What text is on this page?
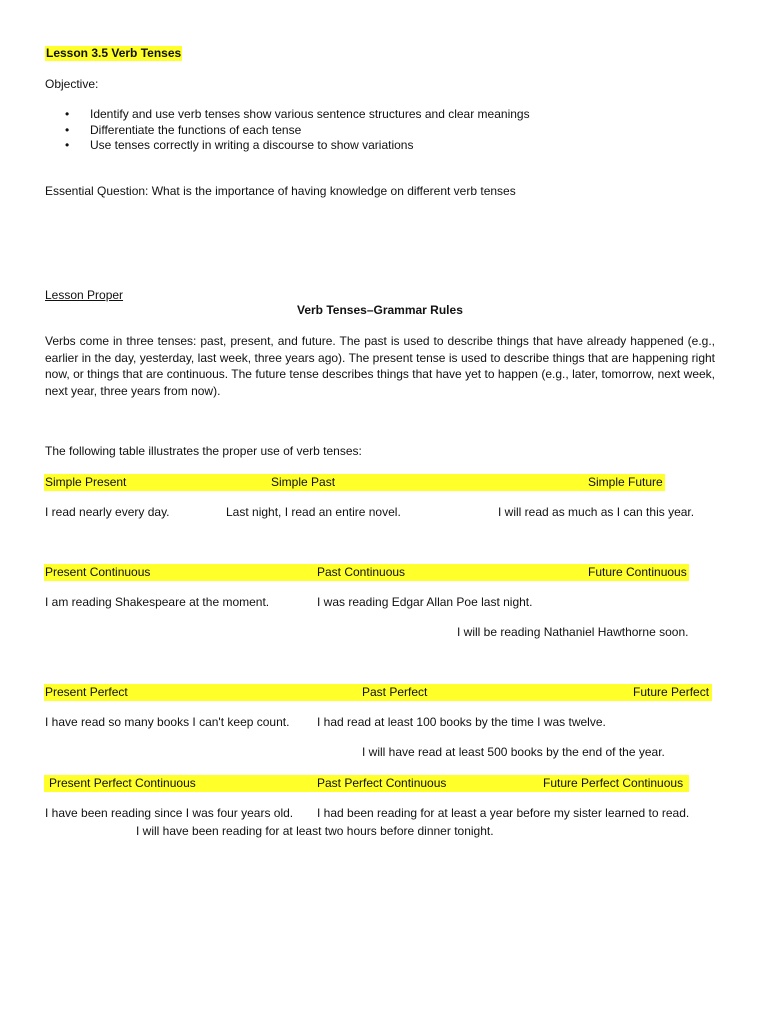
Lesson 3.5 Verb Tenses
Objective:
• Identify and use verb tenses show various sentence structures and clear meanings
• Differentiate the functions of each tense
• Use tenses correctly in writing a discourse to show variations
Essential Question: What is the importance of having knowledge on different verb tenses
Lesson Proper
Verb Tenses–Grammar Rules
Verbs come in three tenses: past, present, and future. The past is used to describe things that have already happened (e.g., earlier in the day, yesterday, last week, three years ago). The present tense is used to describe things that are happening right now, or things that are continuous. The future tense describes things that have yet to happen (e.g., later, tomorrow, next week, next year, three years from now).
The following table illustrates the proper use of verb tenses:
Simple Present	Simple Past	Simple Future
I read nearly every day.	Last night, I read an entire novel.	I will read as much as I can this year.
Present Continuous	Past Continuous	Future Continuous
I am reading Shakespeare at the moment.	I was reading Edgar Allan Poe last night.
I will be reading Nathaniel Hawthorne soon.
Present Perfect	Past Perfect	Future Perfect
I have read so many books I can't keep count. I had read at least 100 books by the time I was twelve.
I will have read at least 500 books by the end of the year.
Present Perfect Continuous	Past Perfect Continuous	Future Perfect Continuous
I have been reading since I was four years old. I had been reading for at least a year before my sister learned to read.
I will have been reading for at least two hours before dinner tonight.
